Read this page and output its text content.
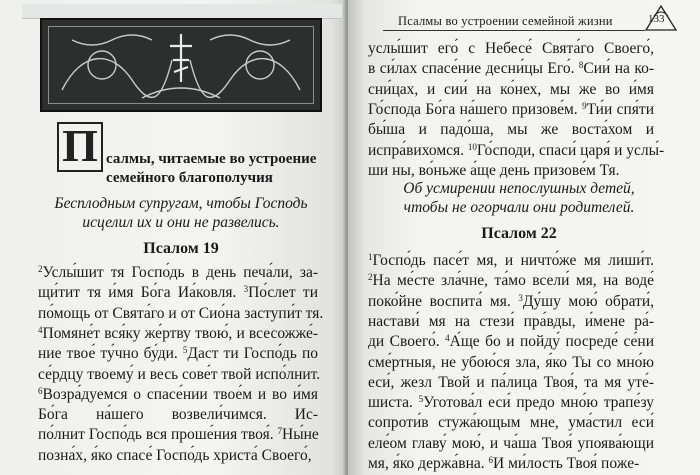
П салмы, читаемые во устроение
семейного благополучия
Бесплодным супругам, чтобы Господь
исцелил их и они не развелись.
Псалом 19
$^2$Услы́шит тя Госпо́дь в день печа́ли, за-
щи́тит тя и́мя Бо́га Иа́ковля. $^3$По́слет ти
по́мощь от Свята́го и от Сио́на заступи́т тя.
$^4$Помяне́т вся́ку же́ртву твою́, и всесожже́-
ние твое́ ту́чно бу́ди. $^5$Даст ти Госпо́дь по
се́рдцу твоему́ и весь сове́т твой испо́лнит.
$^6$Возра́дуемся о спасе́нии твое́м и во и́мя
Бо́га на́шего возвели́чимся. Ис-
по́лнит Госпо́дь вся проше́ния твоя́. $^7$Ны́не
позна́х, я́ко спасе́ Госпо́дь христа́ Своего́,
Псалмы во устроении семейной жизни	133
услы́шит его́ с Небесе́ Свята́го Своего́,
в си́лах спасе́ние десни́цы Его́. $^8$Сии́ на ко-
сни́цах, и сии́ на ко́нех, мы же во и́мя
Го́спода Бо́га на́шего призове́м. $^9$Ти́и спя́ти
бы́ша и падо́ша, мы же воста́хом и
испра́вихомся. $^{10}$Го́споди, спаси́ царя́ и услы́-
ши ны, во́ньже а́ще день призове́м Тя.
Об усмирении непослушных детей,
чтобы не огорчали они родителей.
Псалом 22
$^1$Госпо́дь пасе́т мя, и ничто́же мя лиши́т.
$^2$На ме́сте зла́чне, та́мо всели́ мя, на воде́
поко́йне воспита́ мя. $^3$Ду́шу мою́ обрати́,
настави́ мя на стези́ пра́вды, и́мене ра́-
ди Своего́. $^4$А́ще бо и пойду́ посреде́ се́ни
сме́ртныя, не убою́ся зла, я́ко Ты со мно́ю
еси́, жезл Твой и па́лица Твоя́, та мя уте́-
шиста. $^5$Уготова́л еси́ предо мно́ю трапе́зу
сопроти́в стужа́ющым мне, ума́стил еси́
еле́ом главу́ мою́, и ча́ша Твоя́ упоява́ющи
мя, я́ко держа́вна. $^6$И ми́лость Твоя́ поже-
